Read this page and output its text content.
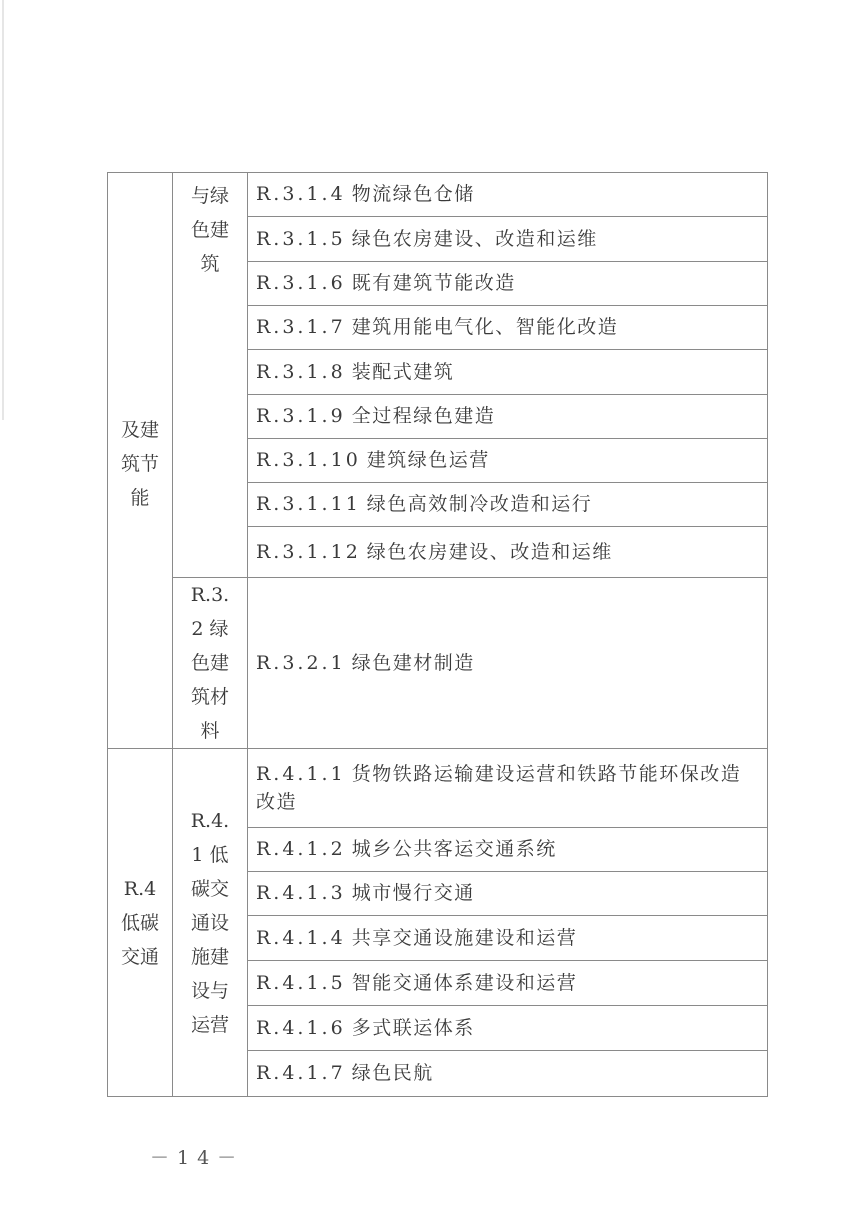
及建筑节能	与绿色建筑	R.3.1.4 物流绿色仓储
		R.3.1.5 绿色农房建设、改造和运维
		R.3.1.6 既有建筑节能改造
		R.3.1.7 建筑用能电气化、智能化改造
		R.3.1.8 装配式建筑
		R.3.1.9 全过程绿色建造
		R.3.1.10 建筑绿色运营
		R.3.1.11 绿色高效制冷改造和运行
		R.3.1.12 绿色农房建设、改造和运维

	R.3.2 绿色建筑材料	R.3.2.1 绿色建材制造

R.4 低碳交通	R.4.1 低碳交通设施建设与运营	R.4.1.1 货物铁路运输建设运营和铁路节能环保改造改造
		R.4.1.2 城乡公共客运交通系统
		R.4.1.3 城市慢行交通
		R.4.1.4 共享交通设施建设和运营
		R.4.1.5 智能交通体系建设和运营
		R.4.1.6 多式联运体系
		R.4.1.7 绿色民航
－14－
